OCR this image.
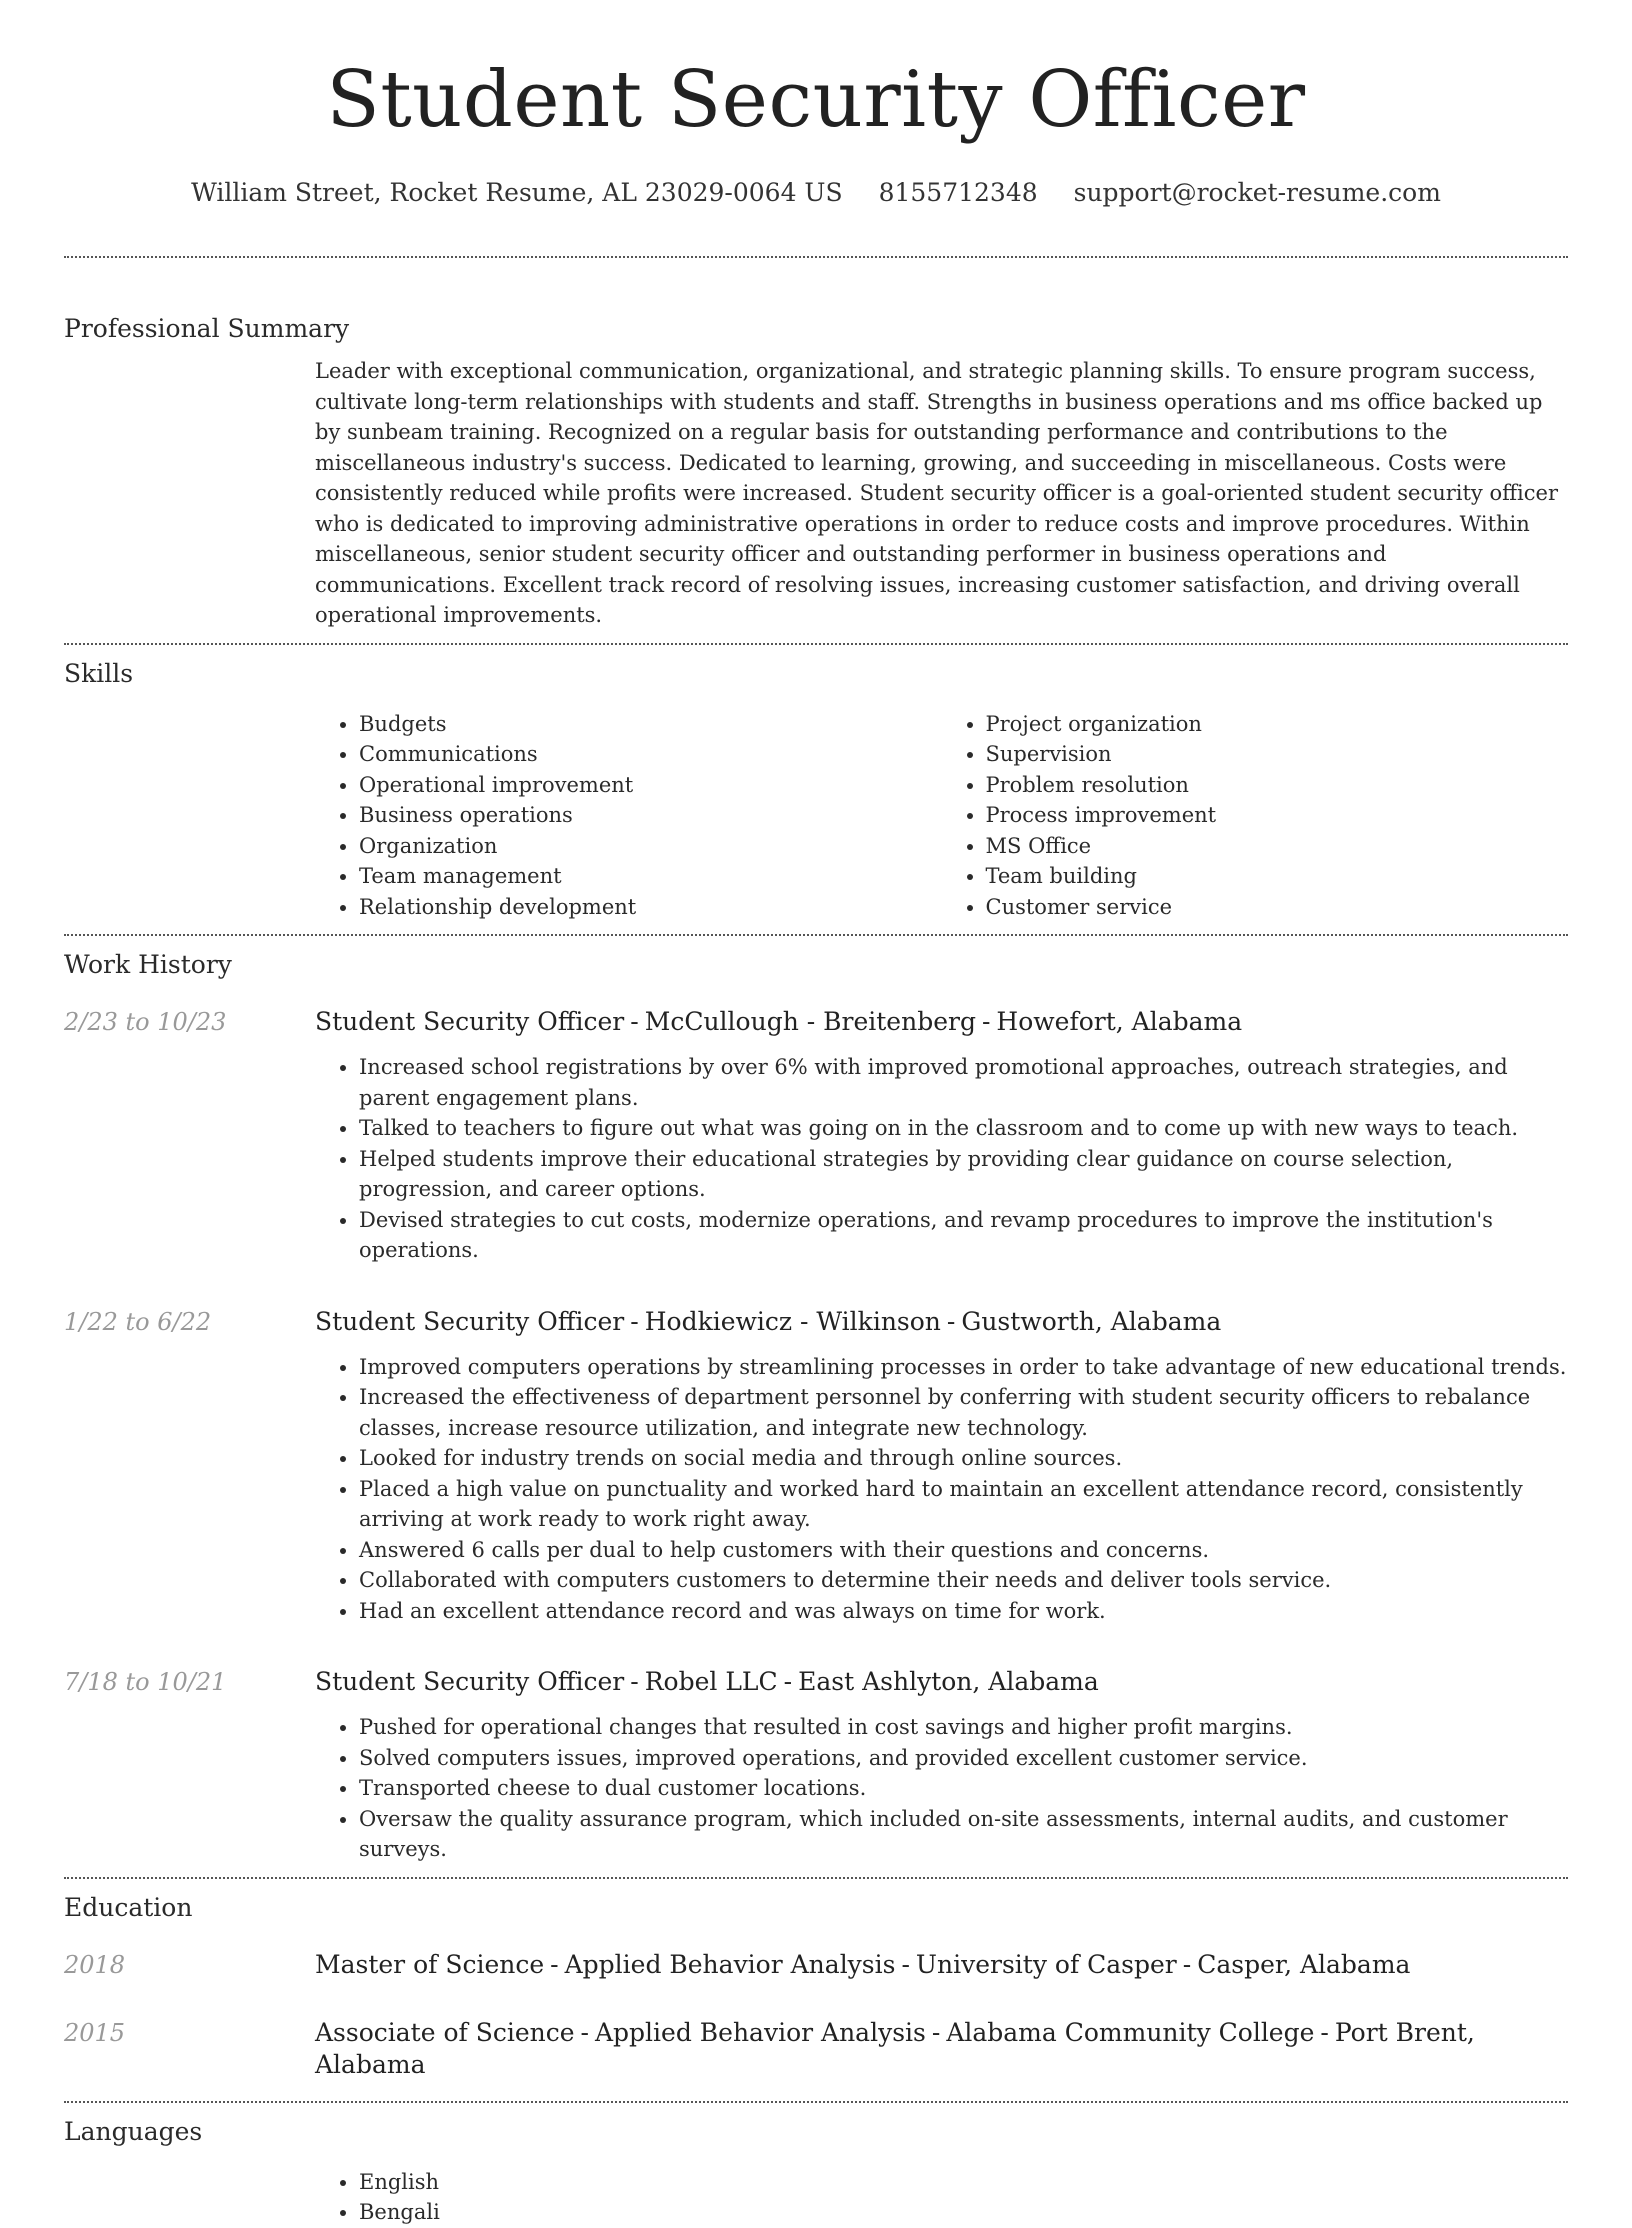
Student Security Officer
William Street, Rocket Resume, AL 23029-0064 US 8155712348 support@rocket-resume.com
Professional Summary

Leader with exceptional communication, organizational, and strategic planning skills. To ensure program success, cultivate long-term relationships with students and staff. Strengths in business operations and ms office backed up by sunbeam training. Recognized on a regular basis for outstanding performance and contributions to the miscellaneous industry's success. Dedicated to learning, growing, and succeeding in miscellaneous. Costs were consistently reduced while profits were increased. Student security officer is a goal-oriented student security officer who is dedicated to improving administrative operations in order to reduce costs and improve procedures. Within miscellaneous, senior student security officer and outstanding performer in business operations and communications. Excellent track record of resolving issues, increasing customer satisfaction, and driving overall operational improvements.

Skills
• Budgets
• Communications
• Operational improvement
• Business operations
• Organization
• Team management
• Relationship development
• Project organization
• Supervision
• Problem resolution
• Process improvement
• MS Office
• Team building
• Customer service
Work History
2/23 to 10/23	Student Security Officer - McCullough - Breitenberg - Howefort, Alabama
• Increased school registrations by over 6% with improved promotional approaches, outreach strategies, and parent engagement plans.
• Talked to teachers to figure out what was going on in the classroom and to come up with new ways to teach.
• Helped students improve their educational strategies by providing clear guidance on course selection, progression, and career options.
• Devised strategies to cut costs, modernize operations, and revamp procedures to improve the institution's operations.
1/22 to 6/22	Student Security Officer - Hodkiewicz - Wilkinson - Gustworth, Alabama
• Improved computers operations by streamlining processes in order to take advantage of new educational trends.
• Increased the effectiveness of department personnel by conferring with student security officers to rebalance classes, increase resource utilization, and integrate new technology.
• Looked for industry trends on social media and through online sources.
• Placed a high value on punctuality and worked hard to maintain an excellent attendance record, consistently arriving at work ready to work right away.
• Answered 6 calls per dual to help customers with their questions and concerns.
• Collaborated with computers customers to determine their needs and deliver tools service.
• Had an excellent attendance record and was always on time for work.
7/18 to 10/21	Student Security Officer - Robel LLC - East Ashlyton, Alabama
• Pushed for operational changes that resulted in cost savings and higher profit margins.
• Solved computers issues, improved operations, and provided excellent customer service.
• Transported cheese to dual customer locations.
• Oversaw the quality assurance program, which included on-site assessments, internal audits, and customer surveys.
Education
2018	Master of Science - Applied Behavior Analysis - University of Casper - Casper, Alabama
2015	Associate of Science - Applied Behavior Analysis - Alabama Community College - Port Brent, Alabama
Languages
• English
• Bengali
